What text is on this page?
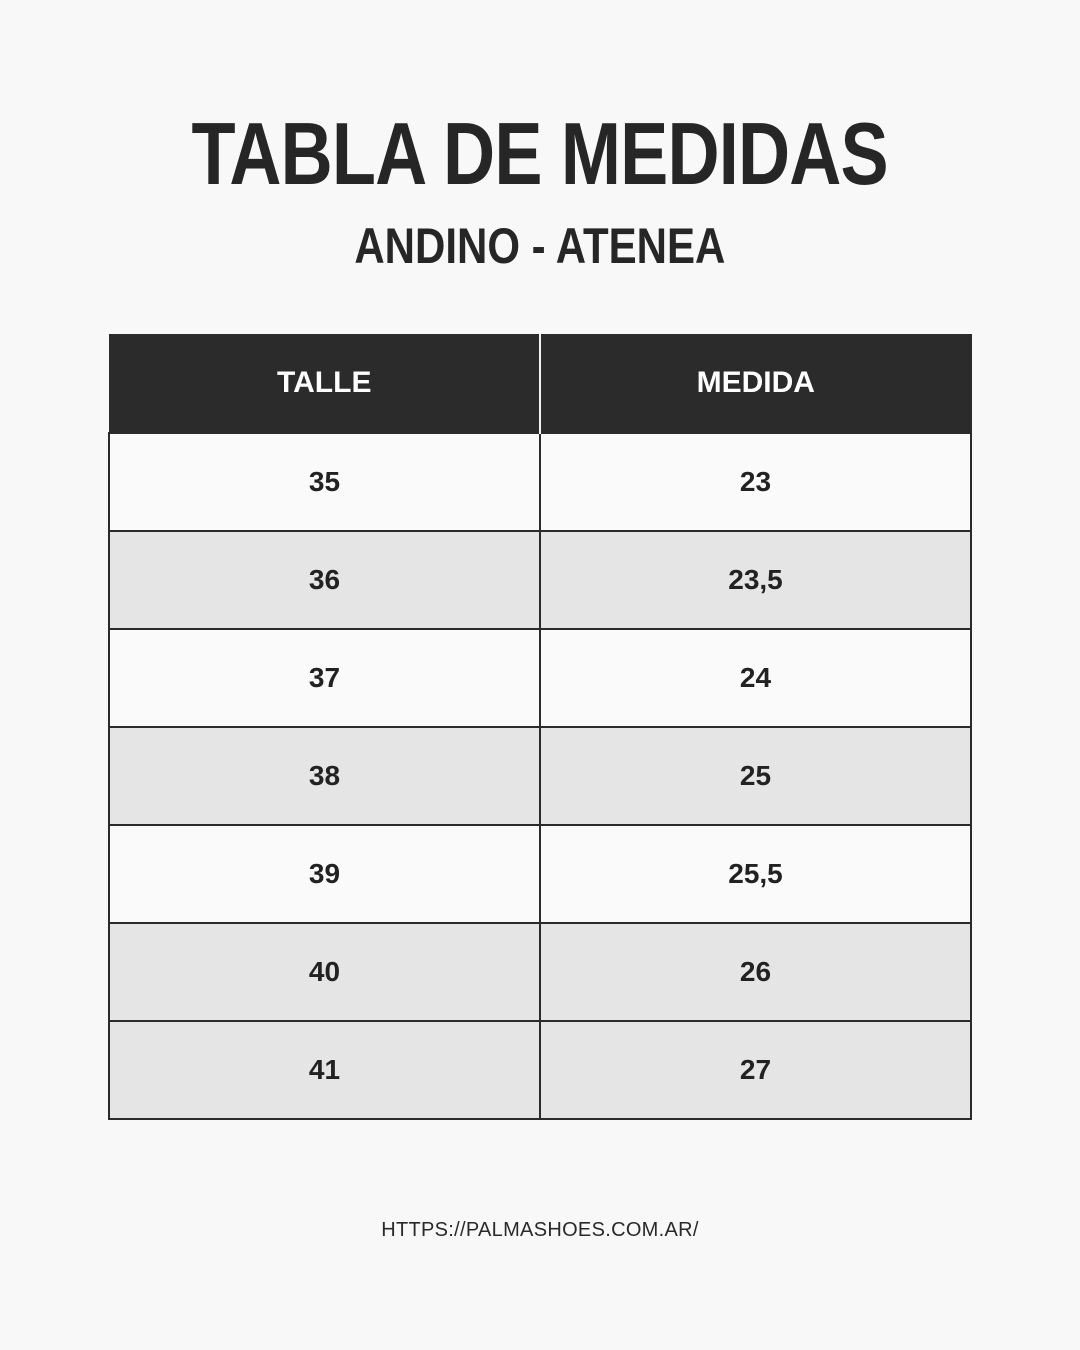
TABLA DE MEDIDAS
ANDINO - ATENEA
TALLE	MEDIDA
35	23
36	23,5
37	24
38	25
39	25,5
40	26
41	27
HTTPS://PALMASHOES.COM.AR/
